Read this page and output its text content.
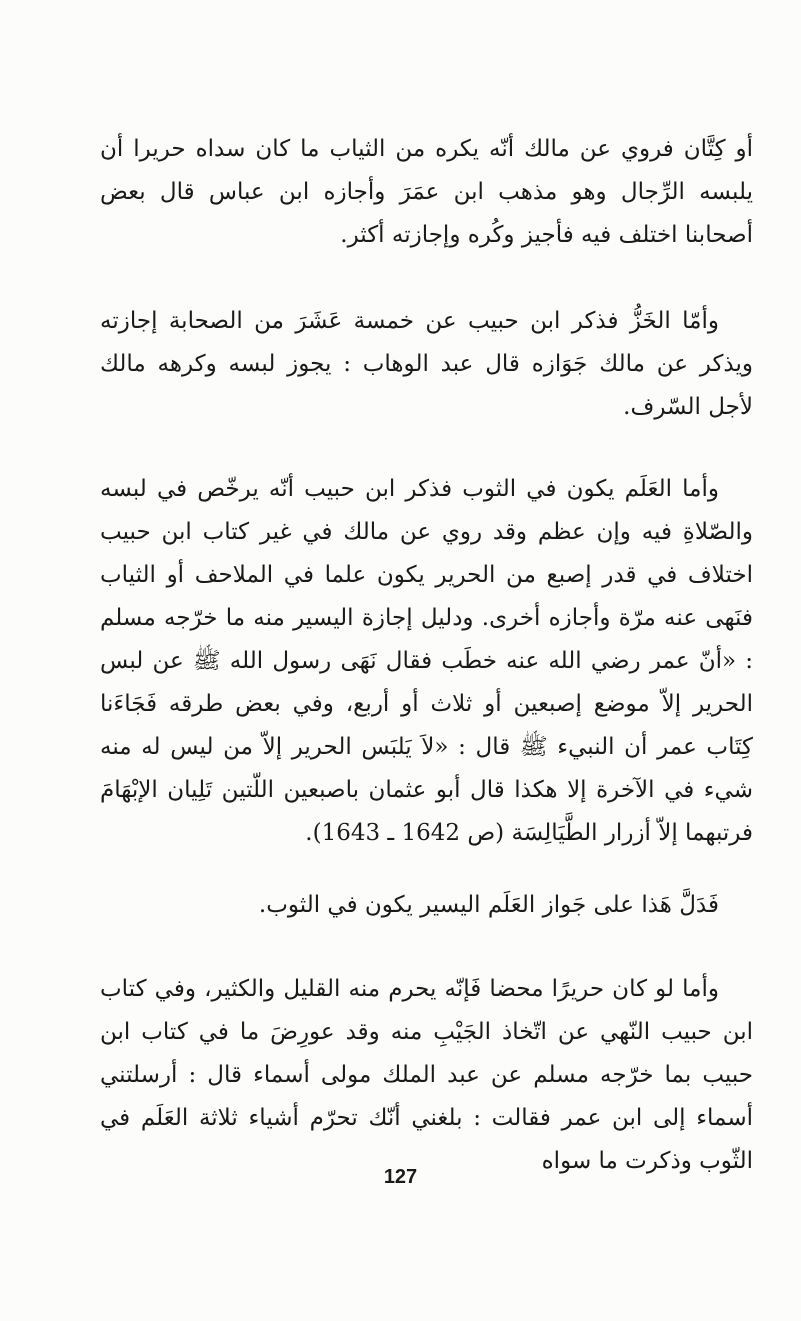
أو كِتَّان فروي عن مالك أنّه يكره من الثياب ما كان سداه حريرا أن يلبسه الرِّجال وهو مذهب ابن عمَرَ وأجازه ابن عباس قال بعض أصحابنا اختلف فيه فأجيز وكُره وإجازته أكثر.

وأمّا الخَزُّ فذكر ابن حبيب عن خمسة عَشَرَ من الصحابة إجازته ويذكر عن مالك جَوَازه قال عبد الوهاب : يجوز لبسه وكرهه مالك لأجل السّرف.

وأما العَلَم يكون في الثوب فذكر ابن حبيب أنّه يرخّص في لبسه والصّلاةِ فيه وإن عظم وقد روي عن مالك في غير كتاب ابن حبيب اختلاف في قدر إصبع من الحرير يكون علما في الملاحف أو الثياب فنَهى عنه مرّة وأجازه أخرى. ودليل إجازة اليسير منه ما خرّجه مسلم : «أنّ عمر رضي الله عنه خطَب فقال نَهَى رسول الله ﷺ عن لبس الحرير إلاّ موضع إصبعين أو ثلاث أو أربع، وفي بعض طرقه فَجَاءَنا كِتَاب عمر أن النبيء ﷺ قال : «لاَ يَلبَس الحرير إلاّ من ليس له منه شيء في الآخرة إلا هكذا قال أبو عثمان باصبعين اللّتين تَلِيان الإبْهَامَ فرتبهما إلاّ أزرار الطَّيَالِسَة (ص 1642 ـ 1643).

فَدَلَّ هَذا على جَواز العَلَم اليسير يكون في الثوب.

وأما لو كان حريرًا محضا فَإنّه يحرم منه القليل والكثير، وفي كتاب ابن حبيب النّهي عن اتّخاذ الجَيْبِ منه وقد عورِضَ ما في كتاب ابن حبيب بما خرّجه مسلم عن عبد الملك مولى أسماء قال : أرسلتني أسماء إلى ابن عمر فقالت : بلغني أنّك تحرّم أشياء ثلاثة العَلَم في الثّوب وذكرت ما سواه

127
